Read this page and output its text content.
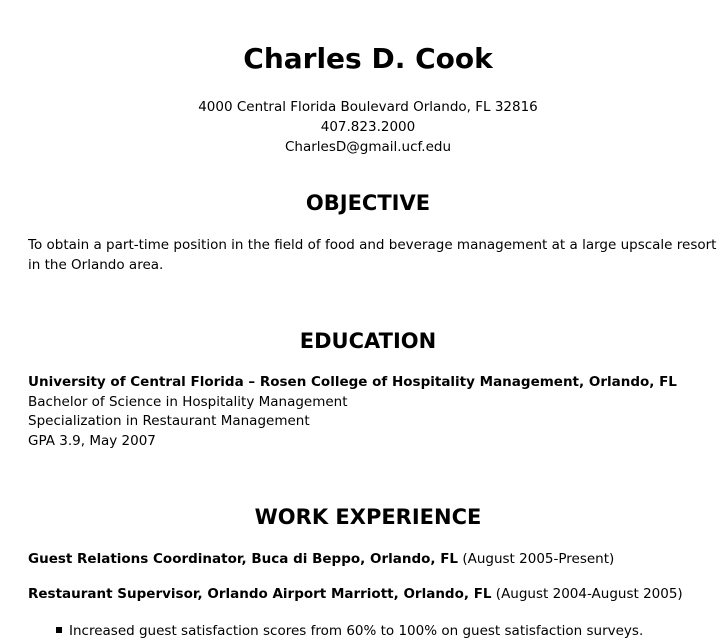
Charles D. Cook
4000 Central Florida Boulevard Orlando, FL 32816
407.823.2000
CharlesD@gmail.ucf.edu
OBJECTIVE
To obtain a part-time position in the field of food and beverage management at a large upscale resort in the Orlando area.
EDUCATION
University of Central Florida – Rosen College of Hospitality Management, Orlando, FL
Bachelor of Science in Hospitality Management
Specialization in Restaurant Management
GPA 3.9, May 2007
WORK EXPERIENCE
Guest Relations Coordinator, Buca di Beppo, Orlando, FL (August 2005-Present)
Restaurant Supervisor, Orlando Airport Marriott, Orlando, FL (August 2004-August 2005)
Increased guest satisfaction scores from 60% to 100% on guest satisfaction surveys.
